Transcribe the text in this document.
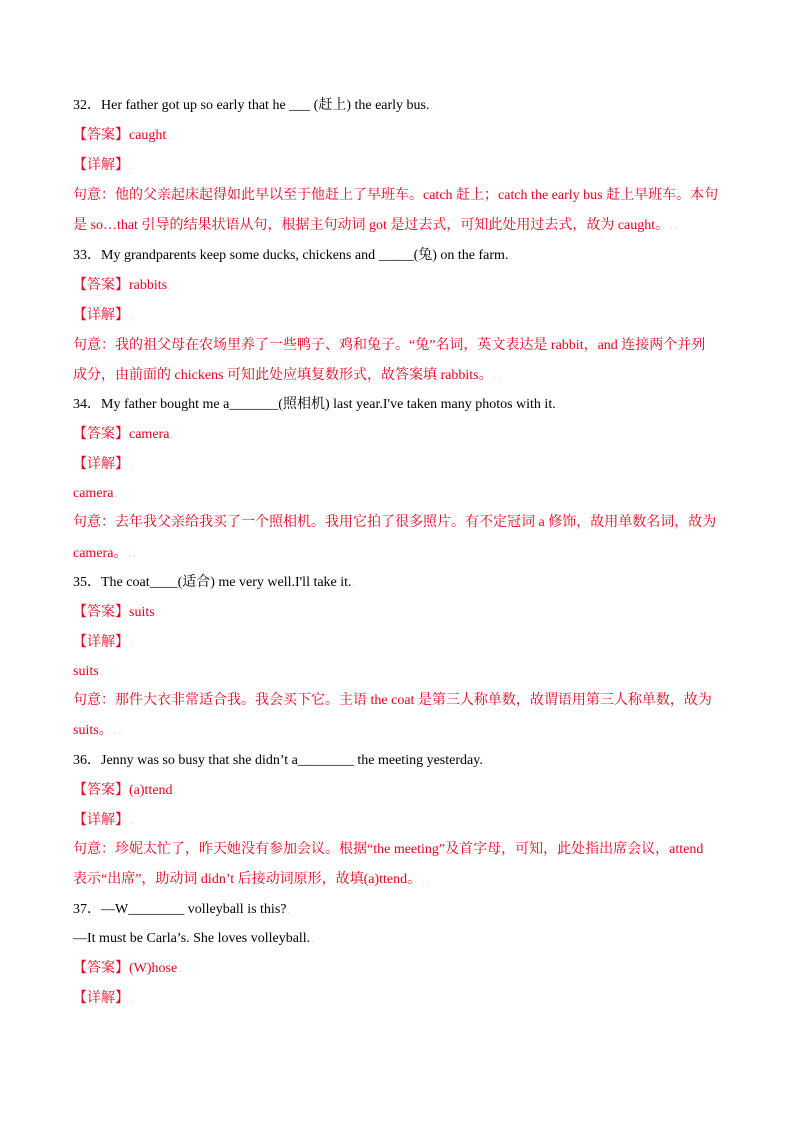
32．Her father got up so early that he ___ (赶上) the early bus..
【答案】caught.
【详解】.
句意：他的父亲起床起得如此早以至于他赶上了早班车。catch 赶上；catch the early bus 赶上早班车。本句
是 so…that 引导的结果状语从句，根据主句动词 got 是过去式，可知此处用过去式，故为 caught。. .
33．My grandparents keep some ducks, chickens and _____(兔) on the farm..
【答案】rabbits.
【详解】.
句意：我的祖父母在农场里养了一些鸭子、鸡和兔子。“兔”名词，英文表达是 rabbit，and 连接两个并列
成分，由前面的 chickens 可知此处应填复数形式，故答案填 rabbits。. .
34．My father bought me a_______(照相机) last year.I've taken many photos with it..
【答案】camera.
【详解】.
camera.
句意：去年我父亲给我买了一个照相机。我用它拍了很多照片。有不定冠词 a 修饰，故用单数名词，故为
camera。. .
35．The coat____(适合) me very well.I'll take it..
【答案】suits.
【详解】.
suits.
句意：那件大衣非常适合我。我会买下它。主语 the coat 是第三人称单数，故谓语用第三人称单数，故为
suits。. .
36．Jenny was so busy that she didn’t a________ the meeting yesterday..
【答案】(a)ttend.
【详解】.
句意：珍妮太忙了，昨天她没有参加会议。根据“the meeting”及首字母，可知，此处指出席会议，attend
表示“出席”，助动词 didn’t 后接动词原形，故填(a)ttend。. .
37．—W________ volleyball is this?.
—It must be Carla’s. She loves volleyball..
【答案】(W)hose.
【详解】.
